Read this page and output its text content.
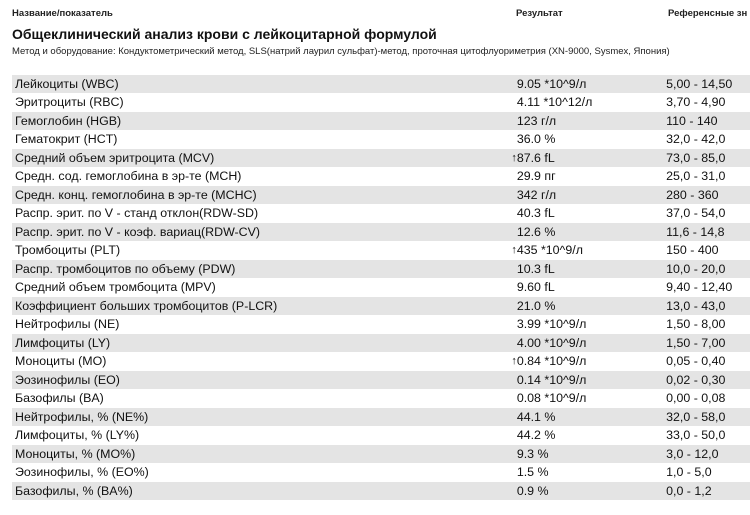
Название/показатель	Результат	Референсные зн
Общеклинический анализ крови с лейкоцитарной формулой
Метод и оборудование: Кондуктометрический метод, SLS(натрий лаурил сульфат)-метод, проточная цитофлуориметрия (XN-9000, Sysmex, Япония)
Лейкоциты (WBC)		9.05 *10^9/л	5,00 - 14,50
Эритроциты (RBC)		4.11 *10^12/л	3,70 - 4,90
Гемоглобин (HGB)		123 г/л	110 - 140
Гематокрит (HCT)		36.0 %	32,0 - 42,0
Средний объем эритроцита (MCV)	↑	87.6 fL	73,0 - 85,0
Средн. сод. гемоглобина в эр-те (MCH)		29.9 пг	25,0 - 31,0
Средн. конц. гемоглобина в эр-те (MCHC)		342 г/л	280 - 360
Распр. эрит. по V - станд отклон(RDW-SD)		40.3 fL	37,0 - 54,0
Распр. эрит. по V - коэф. вариац(RDW-CV)		12.6 %	11,6 - 14,8
Тромбоциты (PLT)	↑	435 *10^9/л	150 - 400
Распр. тромбоцитов по объему (PDW)		10.3 fL	10,0 - 20,0
Средний объем тромбоцита (MPV)		9.60 fL	9,40 - 12,40
Коэффициент больших тромбоцитов (P-LCR)		21.0 %	13,0 - 43,0
Нейтрофилы (NE)		3.99 *10^9/л	1,50 - 8,00
Лимфоциты (LY)		4.00 *10^9/л	1,50 - 7,00
Моноциты (MO)	↑	0.84 *10^9/л	0,05 - 0,40
Эозинофилы (EO)		0.14 *10^9/л	0,02 - 0,30
Базофилы (BA)		0.08 *10^9/л	0,00 - 0,08
Нейтрофилы, % (NE%)		44.1 %	32,0 - 58,0
Лимфоциты, % (LY%)		44.2 %	33,0 - 50,0
Моноциты, % (MO%)		9.3 %	3,0 - 12,0
Эозинофилы, % (EO%)		1.5 %	1,0 - 5,0
Базофилы, % (BA%)		0.9 %	0,0 - 1,2
